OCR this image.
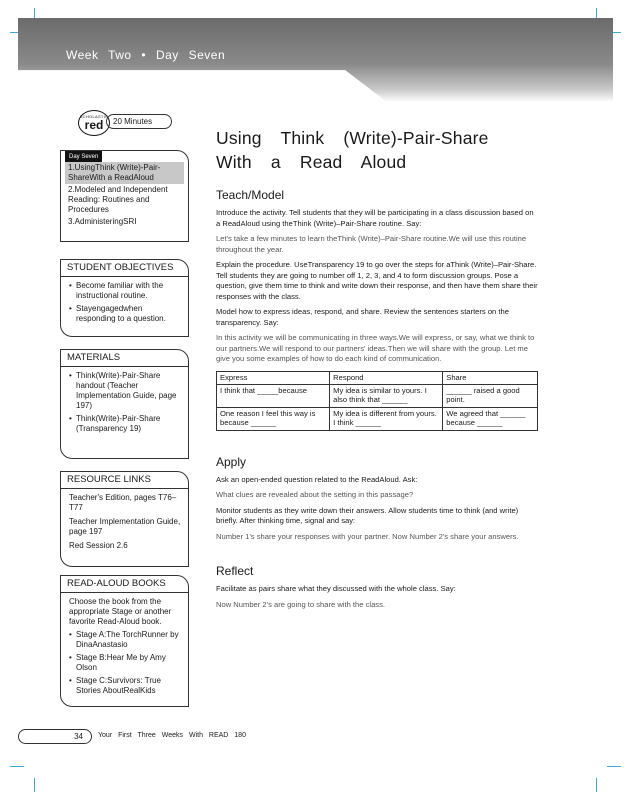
Week Two • Day Seven
SCHOLASTIC
red	20 Minutes
Day Seven
1.UsingThink (Write)-Pair-ShareWith a ReadAloud
2.Modeled and Independent Reading: Routines and Procedures
3.AdministeringSRI
STUDENT OBJECTIVES
• Become familiar with the instructional routine.
• Stayengagedwhen responding to a question.
MATERIALS
• Think(Write)-Pair-Share handout (Teacher Implementation Guide, page 197)
• Think(Write)-Pair-Share (Transparency 19)
RESOURCE LINKS

Teacher's Edition, pages T76–T77

Teacher Implementation Guide, page 197

Red Session 2.6

READ-ALOUD BOOKS

Choose the book from the appropriate Stage or another favorite Read-Aloud book.

• Stage A:The TorchRunner by DinaAnastasio
• Stage B:Hear Me by Amy Olson
• Stage C:Survivors: True Stories AboutRealKids
Using Think (Write)-Pair-Share With a Read Aloud
Teach/Model

Introduce the activity. Tell students that they will be participating in a class discussion based on a ReadAloud using theThink (Write)–Pair-Share routine. Say:

Let's take a few minutes to learn theThink (Write)–Pair-Share routine.We will use this routine throughout the year.

Explain the procedure. UseTransparency 19 to go over the steps for aThink (Write)–Pair-Share. Tell students they are going to number off 1, 2, 3, and 4 to form discussion groups. Pose a question, give them time to think and write down their response, and then have them share their responses with the class.

Model how to express ideas, respond, and share. Review the sentences starters on the transparency. Say:

In this activity we will be communicating in three ways.We will express, or say, what we think to our partners.We will respond to our partners' ideas.Then we will share with the group. Let me give you some examples of how to do each kind of communication.

Express	Respond	Share
I think that _____because	My idea is similar to yours. I also think that ______	______ raised a good point.
One reason I feel this way is because ______	My idea is different from yours. I think ______	We agreed that ______ because ______
Apply

Ask an open-ended question related to the ReadAloud. Ask:

What clues are revealed about the setting in this passage?

Monitor students as they write down their answers. Allow students time to think (and write) briefly. After thinking time, signal and say:

Number 1's share your responses with your partner. Now Number 2's share your answers.

Reflect

Facilitate as pairs share what they discussed with the whole class. Say:

Now Number 2's are going to share with the class.

34	Your First Three Weeks With READ 180
